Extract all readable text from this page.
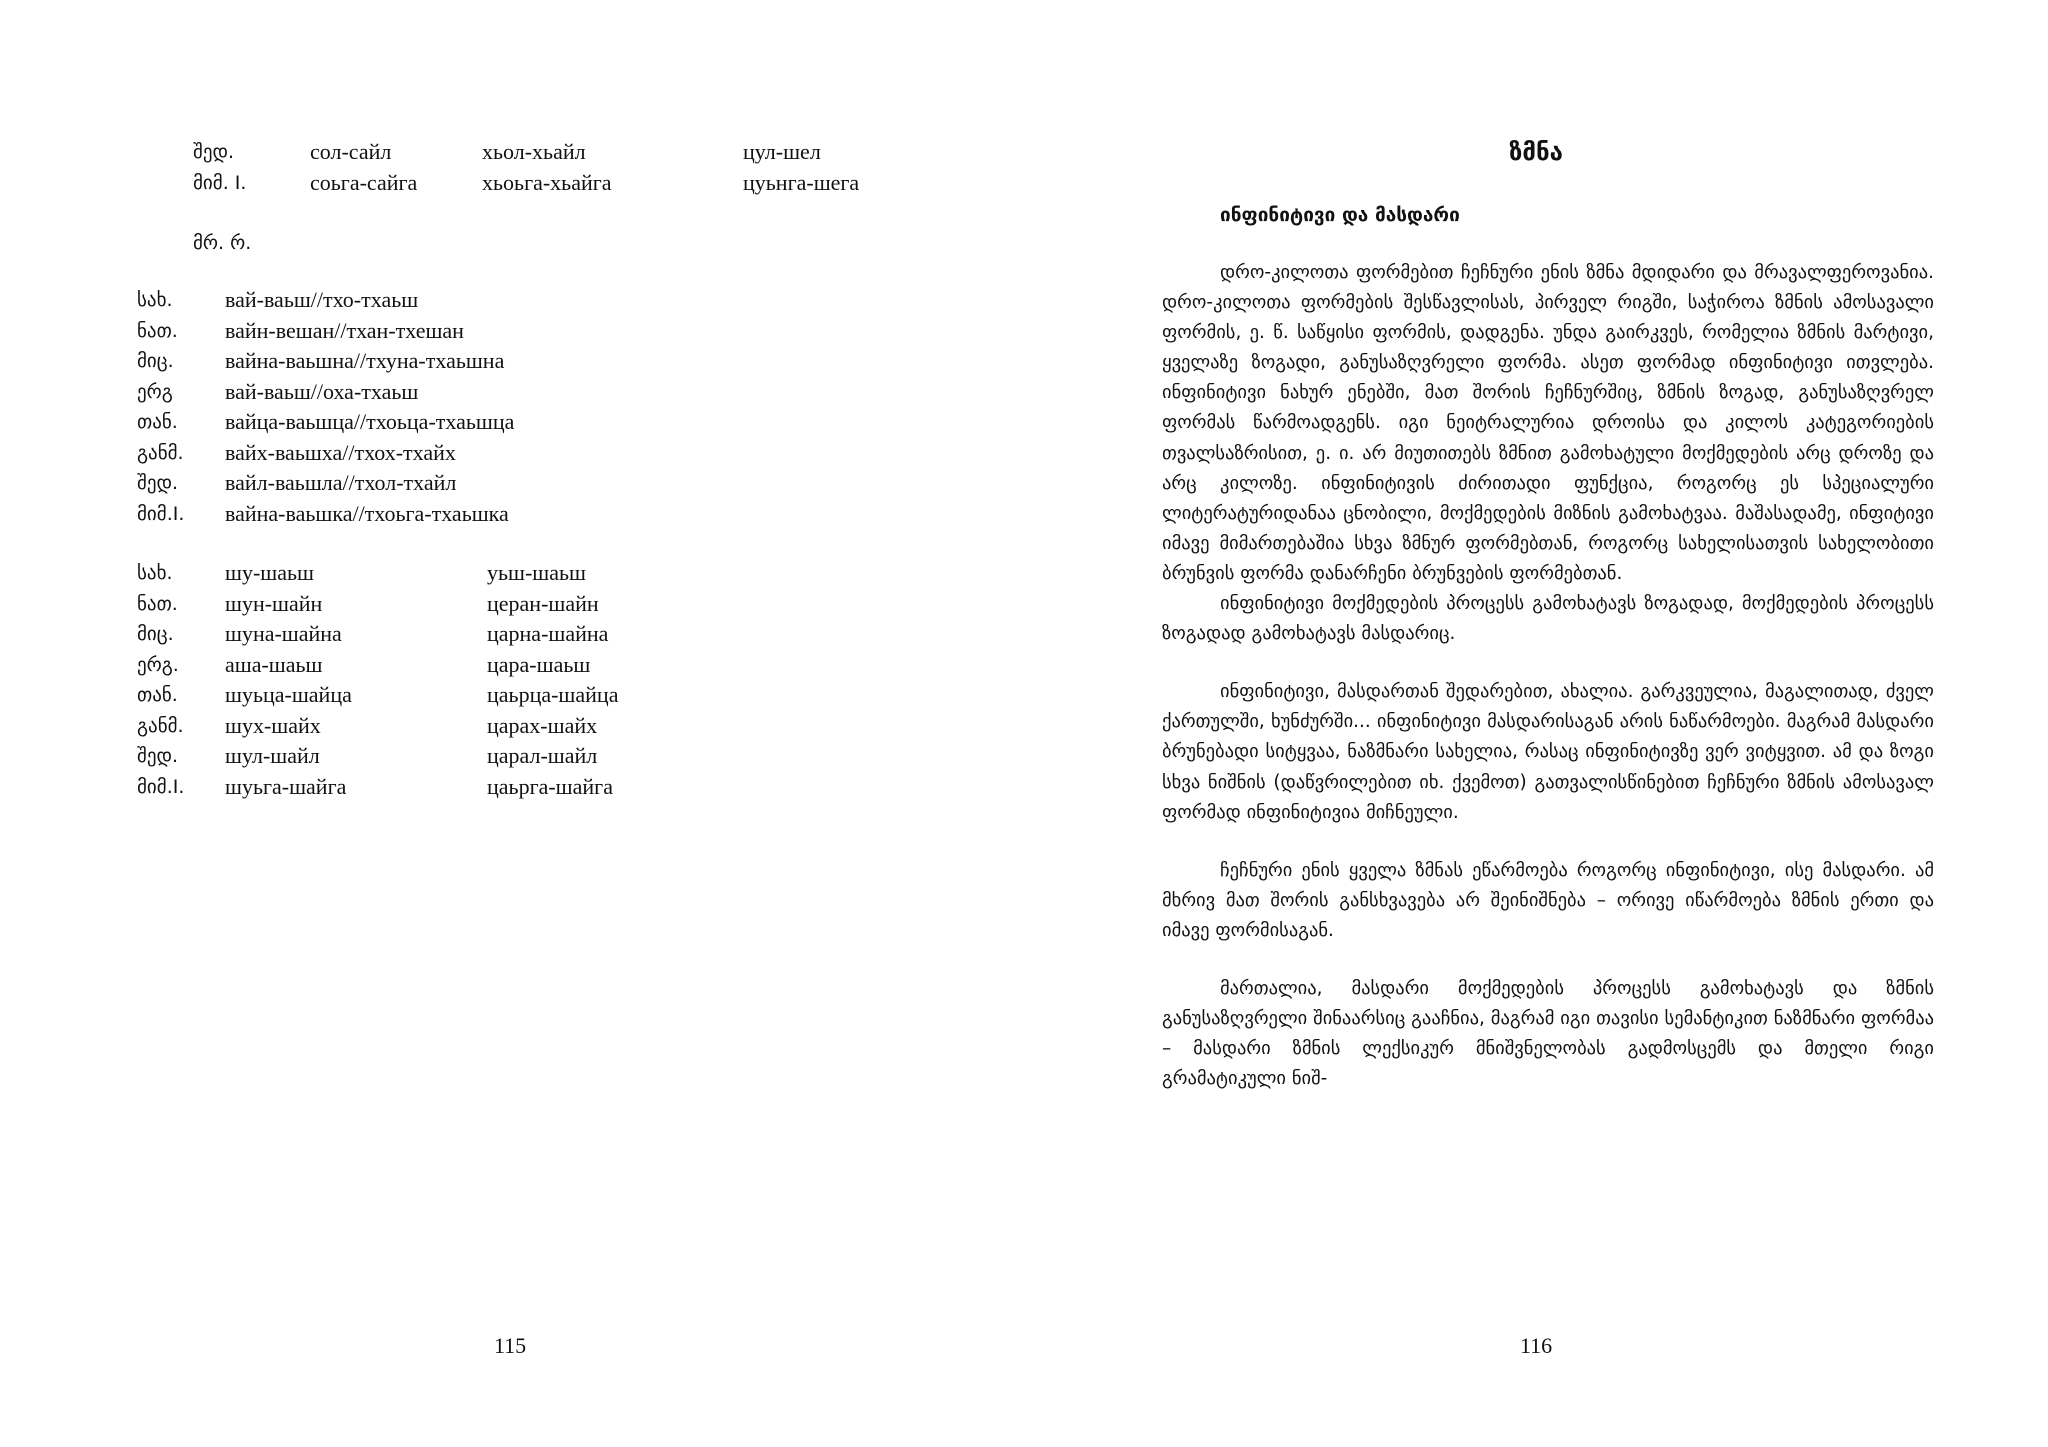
შედ.	сол-сайл	хьол-хьайл	цул-шел
მიმ. I.	соьга-сайга	хьоьга-хьайга	цуьнга-шега
მრ. რ.
სახ.	вай-ваьш//тхо-тхаьш
ნათ.	вайн-вешан//тхан-тхешан
მიც.	вайна-ваьшна//тхуна-тхаьшна
ერგ	вай-ваьш//оха-тхаьш
თან.	вайца-ваьшца//тхоьца-тхаьшца
განმ.	вайх-ваьшха//тхох-тхайх
შედ.	вайл-ваьшла//тхол-тхайл
მიმ.I.	вайна-ваьшка//тхоьга-тхаьшка
სახ.	шу-шаьш	уьш-шаьш
ნათ.	шун-шайн	церан-шайн
მიც.	шуна-шайна	царна-шайна
ერგ.	аша-шаьш	цара-шаьш
თან.	шуьца-шайца	цаьрца-шайца
განმ.	шух-шайх	царах-шайх
შედ.	шул-шайл	царал-шайл
მიმ.I.	шуьга-шайга	цаьрга-шайга
115
ზმნა
ინფინიტივი და მასდარი

დრო-კილოთა ფორმებით ჩეჩნური ენის ზმნა მდიდარი და მრავალფეროვანია. დრო-კილოთა ფორმების შესწავლისას, პირველ რიგში, საჭიროა ზმნის ამოსავალი ფორმის, ე. წ. საწყისი ფორმის, დადგენა. უნდა გაირკვეს, რომელია ზმნის მარტივი, ყველაზე ზოგადი, განუსაზღვრელი ფორმა. ასეთ ფორმად ინფინიტივი ითვლება. ინფინიტივი ნახურ ენებში, მათ შორის ჩეჩნურშიც, ზმნის ზოგად, განუსაზღვრელ ფორმას წარმოადგენს. იგი ნეიტრალურია დროისა და კილოს კატეგორიების თვალსაზრისით, ე. ი. არ მიუთითებს ზმნით გამოხატული მოქმედების არც დროზე და არც კილოზე. ინფინიტივის ძირითადი ფუნქცია, როგორც ეს სპეციალური ლიტერატურიდანაა ცნობილი, მოქმედების მიზნის გამოხატვაა. მაშასადამე, ინფიტივი იმავე მიმართებაშია სხვა ზმნურ ფორმებთან, როგორც სახელისათვის სახელობითი ბრუნვის ფორმა დანარჩენი ბრუნვების ფორმებთან.

ინფინიტივი მოქმედების პროცესს გამოხატავს ზოგადად, მოქმედების პროცესს ზოგადად გამოხატავს მასდარიც.

ინფინიტივი, მასდართან შედარებით, ახალია. გარკვეულია, მაგალითად, ძველ ქართულში, ხუნძურში... ინფინიტივი მასდარისაგან არის ნაწარმოები. მაგრამ მასდარი ბრუნებადი სიტყვაა, ნაზმნარი სახელია, რასაც ინფინიტივზე ვერ ვიტყვით. ამ და ზოგი სხვა ნიშნის (დაწვრილებით იხ. ქვემოთ) გათვალისწინებით ჩეჩნური ზმნის ამოსავალ ფორმად ინფინიტივია მიჩნეული.

ჩეჩნური ენის ყველა ზმნას ეწარმოება როგორც ინფინიტივი, ისე მასდარი. ამ მხრივ მათ შორის განსხვავება არ შეინიშნება – ორივე იწარმოება ზმნის ერთი და იმავე ფორმისაგან.

მართალია, მასდარი მოქმედების პროცესს გამოხატავს და ზმნის განუსაზღვრელი შინაარსიც გააჩნია, მაგრამ იგი თავისი სემანტიკით ნაზმნარი ფორმაა – მასდარი ზმნის ლექსიკურ მნიშვნელობას გადმოსცემს და მთელი რიგი გრამატიკული ნიშ-

116
